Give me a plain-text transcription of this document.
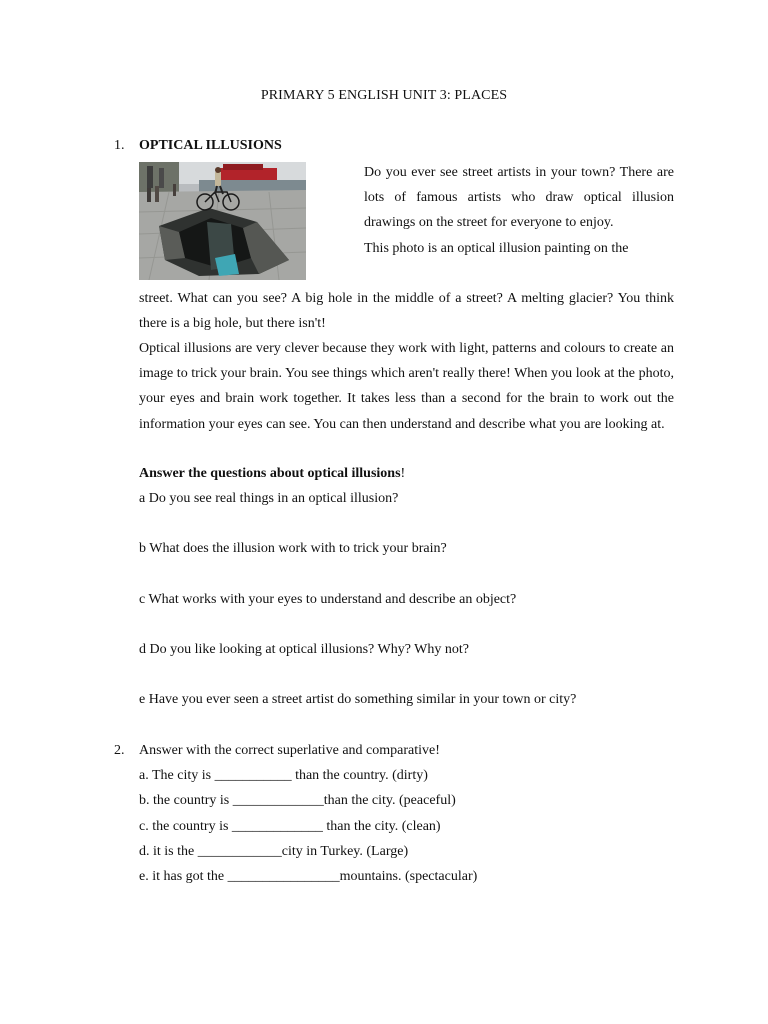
PRIMARY 5 ENGLISH UNIT 3: PLACES
1. OPTICAL ILLUSIONS
Do you ever see street artists in your town? There are lots of famous artists who draw optical illusion drawings on the street for everyone to enjoy.
This photo is an optical illusion painting on the
street. What can you see? A big hole in the middle of a street? A melting glacier? You think there is a big hole, but there isn't!
Optical illusions are very clever because they work with light, patterns and colours to create an image to trick your brain. You see things which aren't really there! When you look at the photo, your eyes and brain work together. It takes less than a second for the brain to work out the information your eyes can see. You can then understand and describe what you are looking at.
Answer the questions about optical illusions!
a Do you see real things in an optical illusion?
b What does the illusion work with to trick your brain?
c What works with your eyes to understand and describe an object?
d Do you like looking at optical illusions? Why? Why not?
e Have you ever seen a street artist do something similar in your town or city?
2. Answer with the correct superlative and comparative!
a. The city is ___________ than the country. (dirty)
b. the country is _____________than the city. (peaceful)
c. the country is _____________ than the city. (clean)
d. it is the ____________city in Turkey. (Large)
e. it has got the ________________mountains. (spectacular)
